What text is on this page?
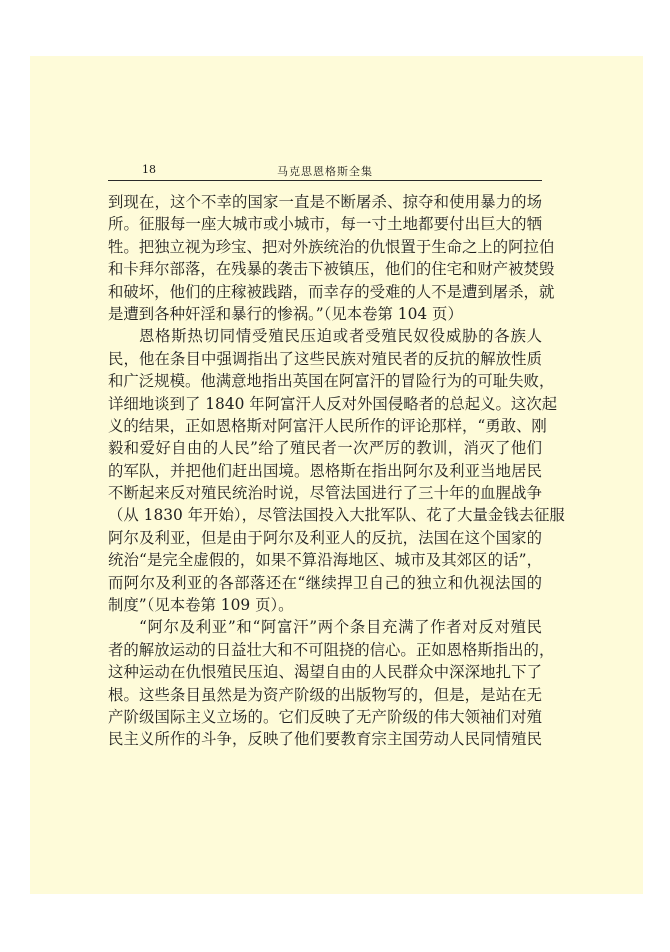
18	马克思恩格斯全集
到现在，这个不幸的国家一直是不断屠杀、掠夺和使用暴力的场
所。征服每一座大城市或小城市，每一寸土地都要付出巨大的牺
牲。把独立视为珍宝、把对外族统治的仇恨置于生命之上的阿拉伯
和卡拜尔部落，在残暴的袭击下被镇压，他们的住宅和财产被焚毁
和破坏，他们的庄稼被践踏，而幸存的受难的人不是遭到屠杀，就
是遭到各种奸淫和暴行的惨祸。”（见本卷第 104 页）
恩格斯热切同情受殖民压迫或者受殖民奴役威胁的各族人
民，他在条目中强调指出了这些民族对殖民者的反抗的解放性质
和广泛规模。他满意地指出英国在阿富汗的冒险行为的可耻失败，
详细地谈到了 1840 年阿富汗人反对外国侵略者的总起义。这次起
义的结果，正如恩格斯对阿富汗人民所作的评论那样，“勇敢、刚
毅和爱好自由的人民”给了殖民者一次严厉的教训，消灭了他们
的军队，并把他们赶出国境。恩格斯在指出阿尔及利亚当地居民
不断起来反对殖民统治时说，尽管法国进行了三十年的血腥战争
（从 1830 年开始），尽管法国投入大批军队、花了大量金钱去征服
阿尔及利亚，但是由于阿尔及利亚人的反抗，法国在这个国家的
统治“是完全虚假的，如果不算沿海地区、城市及其郊区的话”，
而阿尔及利亚的各部落还在“继续捍卫自己的独立和仇视法国的
制度”（见本卷第 109 页）。
“阿尔及利亚”和“阿富汗”两个条目充满了作者对反对殖民
者的解放运动的日益壮大和不可阻挠的信心。正如恩格斯指出的，
这种运动在仇恨殖民压迫、渴望自由的人民群众中深深地扎下了
根。这些条目虽然是为资产阶级的出版物写的，但是，是站在无
产阶级国际主义立场的。它们反映了无产阶级的伟大领袖们对殖
民主义所作的斗争，反映了他们要教育宗主国劳动人民同情殖民
